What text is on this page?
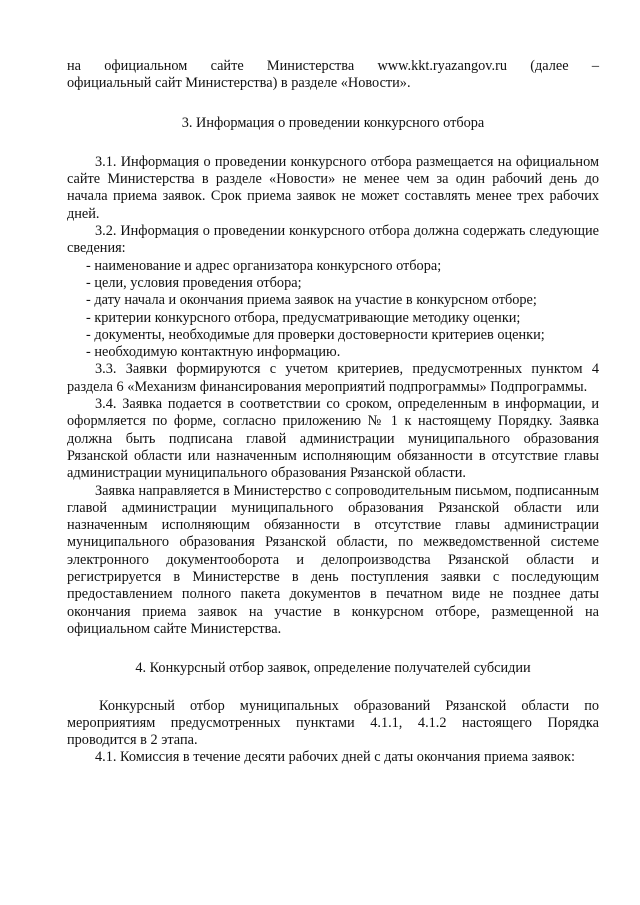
на официальном сайте Министерства www.kkt.ryazangov.ru (далее –

официальный сайт Министерства) в разделе «Новости».

3. Информация о проведении конкурсного отбора

3.1. Информация о проведении конкурсного отбора размещается на официальном сайте Министерства в разделе «Новости» не менее чем за один рабочий день до начала приема заявок. Срок приема заявок не может составлять менее трех рабочих дней.

3.2. Информация о проведении конкурсного отбора должна содержать следующие сведения:

- наименование и адрес организатора конкурсного отбора;

- цели, условия проведения отбора;

- дату начала и окончания приема заявок на участие в конкурсном отборе;

- критерии конкурсного отбора, предусматривающие методику оценки;

- документы, необходимые для проверки достоверности критериев оценки;

- необходимую контактную информацию.

3.3. Заявки формируются с учетом критериев, предусмотренных пунктом 4 раздела 6 «Механизм финансирования мероприятий подпрограммы» Подпрограммы.

3.4. Заявка подается в соответствии со сроком, определенным в информации, и оформляется по форме, согласно приложению № 1 к настоящему Порядку. Заявка должна быть подписана главой администрации муниципального образования Рязанской области или назначенным исполняющим обязанности в отсутствие главы администрации муниципального образования Рязанской области.

Заявка направляется в Министерство с сопроводительным письмом, подписанным главой администрации муниципального образования Рязанской области или назначенным исполняющим обязанности в отсутствие главы администрации муниципального образования Рязанской области, по межведомственной системе электронного документооборота и делопроизводства Рязанской области и регистрируется в Министерстве в день поступления заявки с последующим предоставлением полного пакета документов в печатном виде не позднее даты окончания приема заявок на участие в конкурсном отборе, размещенной на официальном сайте Министерства.

4. Конкурсный отбор заявок, определение получателей субсидии

Конкурсный отбор муниципальных образований Рязанской области по мероприятиям предусмотренных пунктами 4.1.1, 4.1.2 настоящего Порядка проводится в 2 этапа.

4.1. Комиссия в течение десяти рабочих дней с даты окончания приема заявок:
